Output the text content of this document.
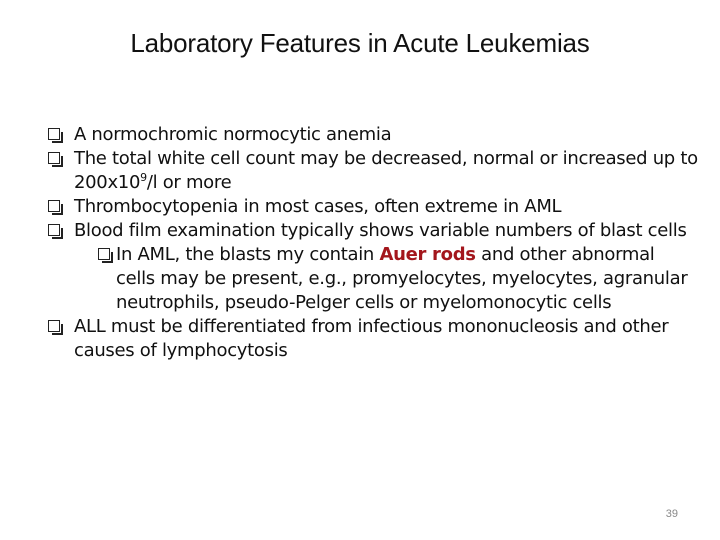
Laboratory Features in Acute Leukemias
A normochromic normocytic anemia
The total white cell count may be decreased, normal or increased up to $200x10^9/l$ or more
Thrombocytopenia in most cases, often extreme in AML
Blood film examination typically shows variable numbers of blast cells
In AML, the blasts my contain Auer rods and other abnormal cells may be present, e.g., promyelocytes, myelocytes, agranular neutrophils, pseudo-Pelger cells or myelomonocytic cells
ALL must be differentiated from infectious mononucleosis and other causes of lymphocytosis
39
